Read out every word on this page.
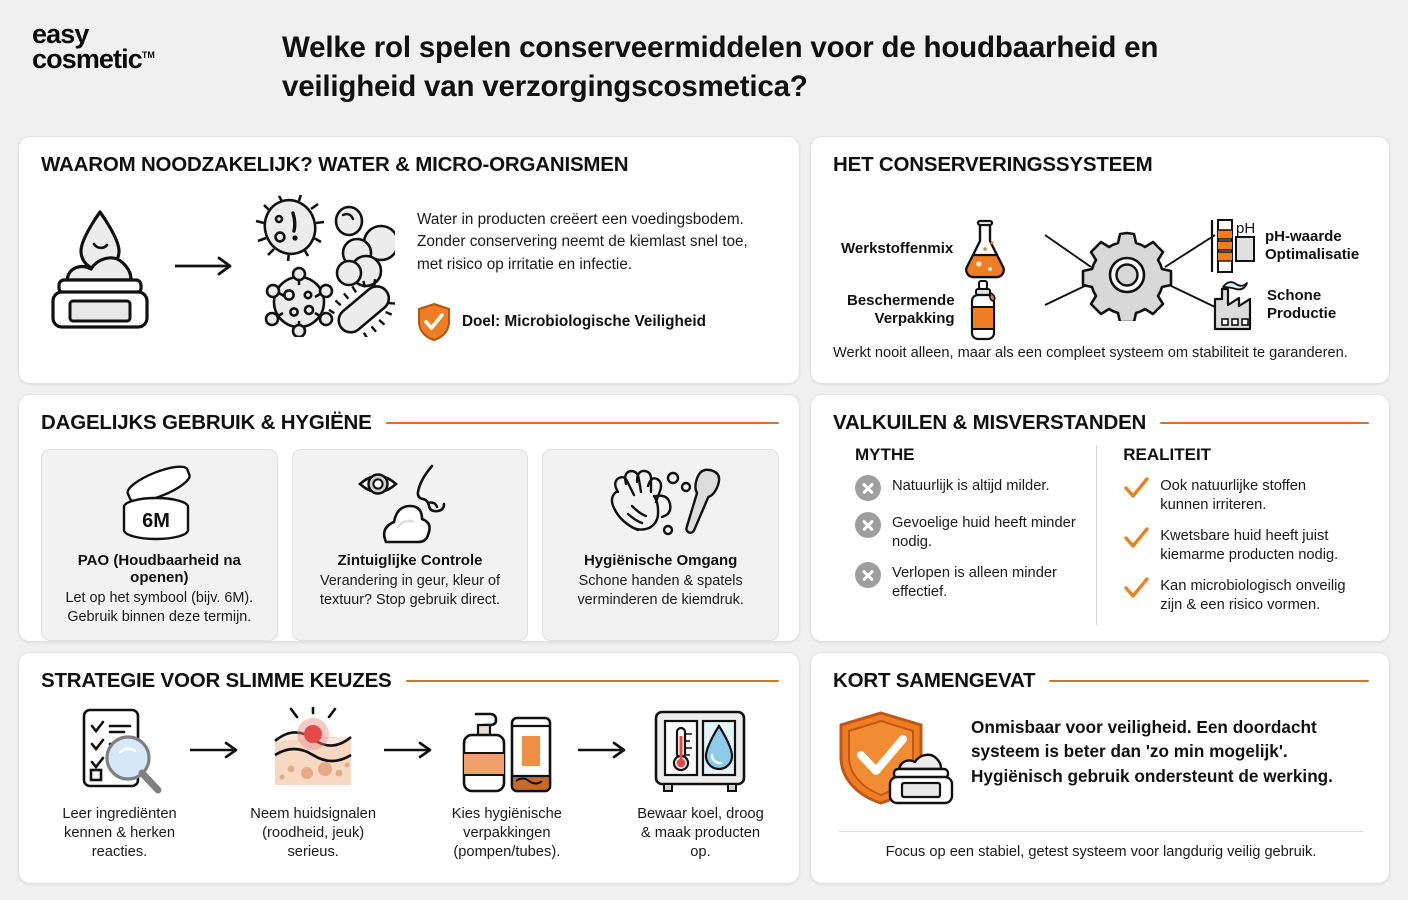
easy
cosmetic™	Welke rol spelen conserveermiddelen voor de houdbaarheid en veiligheid van verzorgingscosmetica?
WAAROM NOODZAKELIJK? WATER & MICRO-ORGANISMEN

Water in producten creëert een voedingsbodem. Zonder conservering neemt de kiemlast snel toe, met risico op irritatie en infectie.

Doel: Microbiologische Veiligheid
HET CONSERVERINGSSYSTEEM
Werkstoffenmix
Beschermende
Verpakking
pH pH-waarde
Optimalisatie
Schone
Productie
Werkt nooit alleen, maar als een compleet systeem om stabiliteit te garanderen.
DAGELIJKS GEBRUIK & HYGIËNE
6M
PAO (Houdbaarheid na openen)

Let op het symbool (bijv. 6M). Gebruik binnen deze termijn.

Zintuiglijke Controle

Verandering in geur, kleur of textuur? Stop gebruik direct.

Hygiënische Omgang

Schone handen & spatels verminderen de kiemdruk.

VALKUILEN & MISVERSTANDEN
MYTHE
Natuurlijk is altijd milder.
Gevoelige huid heeft minder nodig.
Verlopen is alleen minder effectief.
REALITEIT
Ook natuurlijke stoffen kunnen irriteren.
Kwetsbare huid heeft juist kiemarme producten nodig.
Kan microbiologisch onveilig zijn & een risico vormen.
STRATEGIE VOOR SLIMME KEUZES

Leer ingrediënten kennen & herken reacties.

Neem huidsignalen (roodheid, jeuk) serieus.

Kies hygiënische verpakkingen (pompen/tubes).

Bewaar koel, droog & maak producten op.

KORT SAMENGEVAT
Onmisbaar voor veiligheid. Een doordacht systeem is beter dan 'zo min mogelijk'. Hygiënisch gebruik ondersteunt de werking.
Focus op een stabiel, getest systeem voor langdurig veilig gebruik.
